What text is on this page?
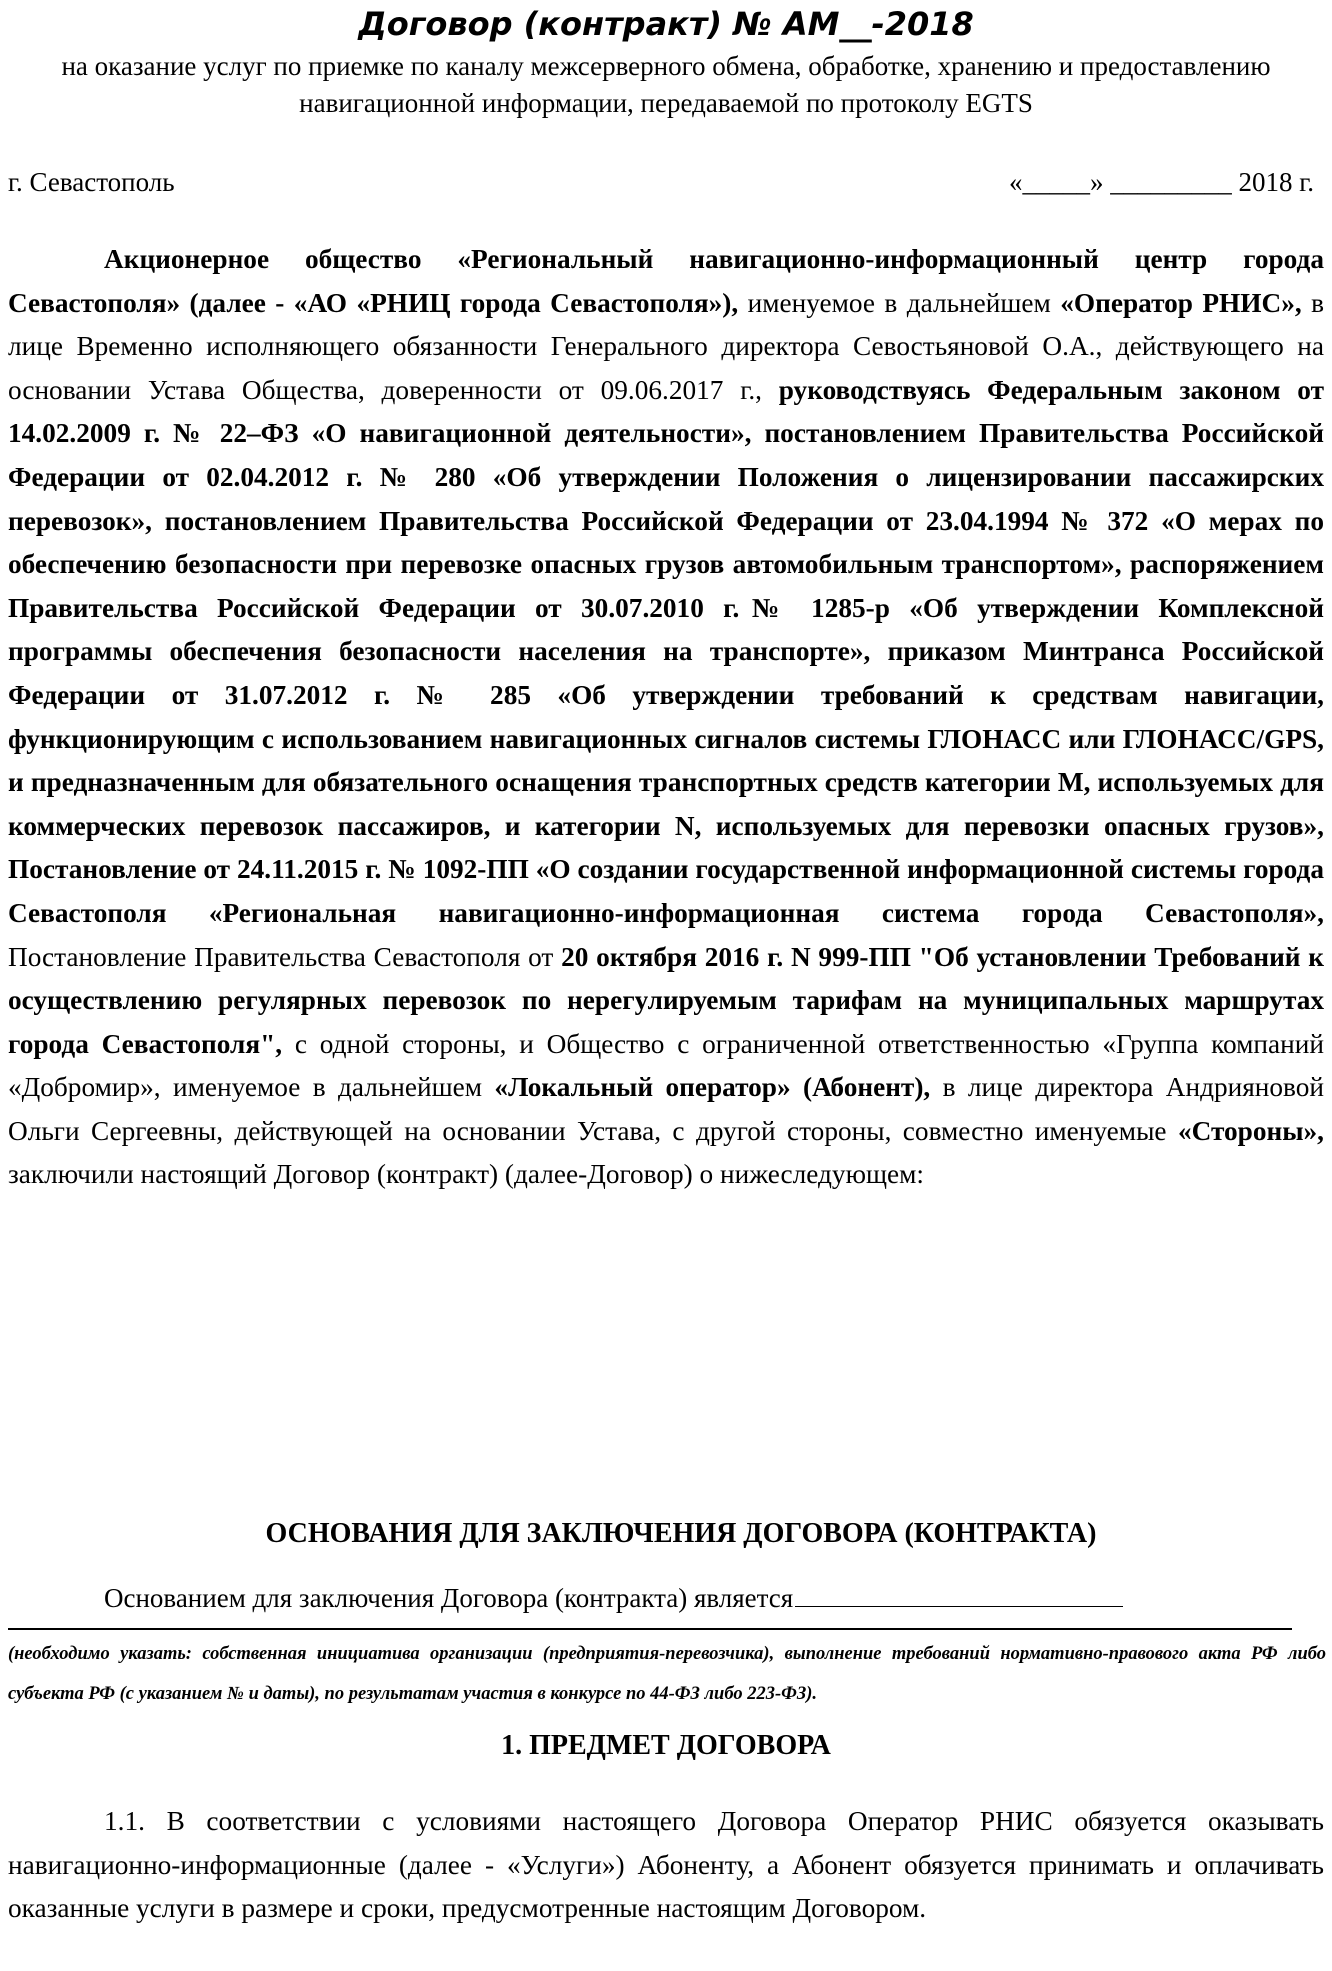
Договор (контракт) № АМ__-2018
на оказание услуг по приемке по каналу межсерверного обмена, обработке, хранению и предоставлению навигационной информации, передаваемой по протоколу EGTS
г. Севастополь	«_____» _________ 2018 г.
Акционерное общество «Региональный навигационно-информационный центр города Севастополя» (далее - «АО «РНИЦ города Севастополя»), именуемое в дальнейшем «Оператор РНИС», в лице Временно исполняющего обязанности Генерального директора Севостьяновой О.А., действующего на основании Устава Общества, доверенности от 09.06.2017 г., руководствуясь Федеральным законом от 14.02.2009 г. № 22–ФЗ «О навигационной деятельности», постановлением Правительства Российской Федерации от 02.04.2012 г. № 280 «Об утверждении Положения о лицензировании пассажирских перевозок», постановлением Правительства Российской Федерации от 23.04.1994 № 372 «О мерах по обеспечению безопасности при перевозке опасных грузов автомобильным транспортом», распоряжением Правительства Российской Федерации от 30.07.2010 г.№ 1285-р «Об утверждении Комплексной программы обеспечения безопасности населения на транспорте», приказом Минтранса Российской Федерации от 31.07.2012 г. № 285 «Об утверждении требований к средствам навигации, функционирующим с использованием навигационных сигналов системы ГЛОНАСС или ГЛОНАСС/GPS, и предназначенным для обязательного оснащения транспортных средств категории М, используемых для коммерческих перевозок пассажиров, и категории N, используемых для перевозки опасных грузов», Постановление от 24.11.2015 г. № 1092-ПП «О создании государственной информационной системы города Севастополя «Региональная навигационно-информационная система города Севастополя», Постановление Правительства Севастополя от 20 октября 2016 г. N 999-ПП "Об установлении Требований к осуществлению регулярных перевозок по нерегулируемым тарифам на муниципальных маршрутах города Севастополя", с одной стороны, и Общество с ограниченной ответственностью «Группа компаний «Добромир», именуемое в дальнейшем «Локальный оператор» (Абонент), в лице директора Андрияновой Ольги Сергеевны, действующей на основании Устава, с другой стороны, совместно именуемые «Стороны», заключили настоящий Договор (контракт) (далее-Договор) о нижеследующем:
ОСНОВАНИЯ ДЛЯ ЗАКЛЮЧЕНИЯ ДОГОВОРА (КОНТРАКТА)
Основанием для заключения Договора (контракта) является
(необходимо указать: собственная инициатива организации (предприятия-перевозчика), выполнение требований нормативно-правового акта РФ либо субъекта РФ (с указанием № и даты), по результатам участия в конкурсе по 44-ФЗ либо 223-ФЗ).
1. ПРЕДМЕТ ДОГОВОРА
1.1. В соответствии с условиями настоящего Договора Оператор РНИС обязуется оказывать навигационно-информационные (далее - «Услуги») Абоненту, а Абонент обязуется принимать и оплачивать оказанные услуги в размере и сроки, предусмотренные настоящим Договором.
